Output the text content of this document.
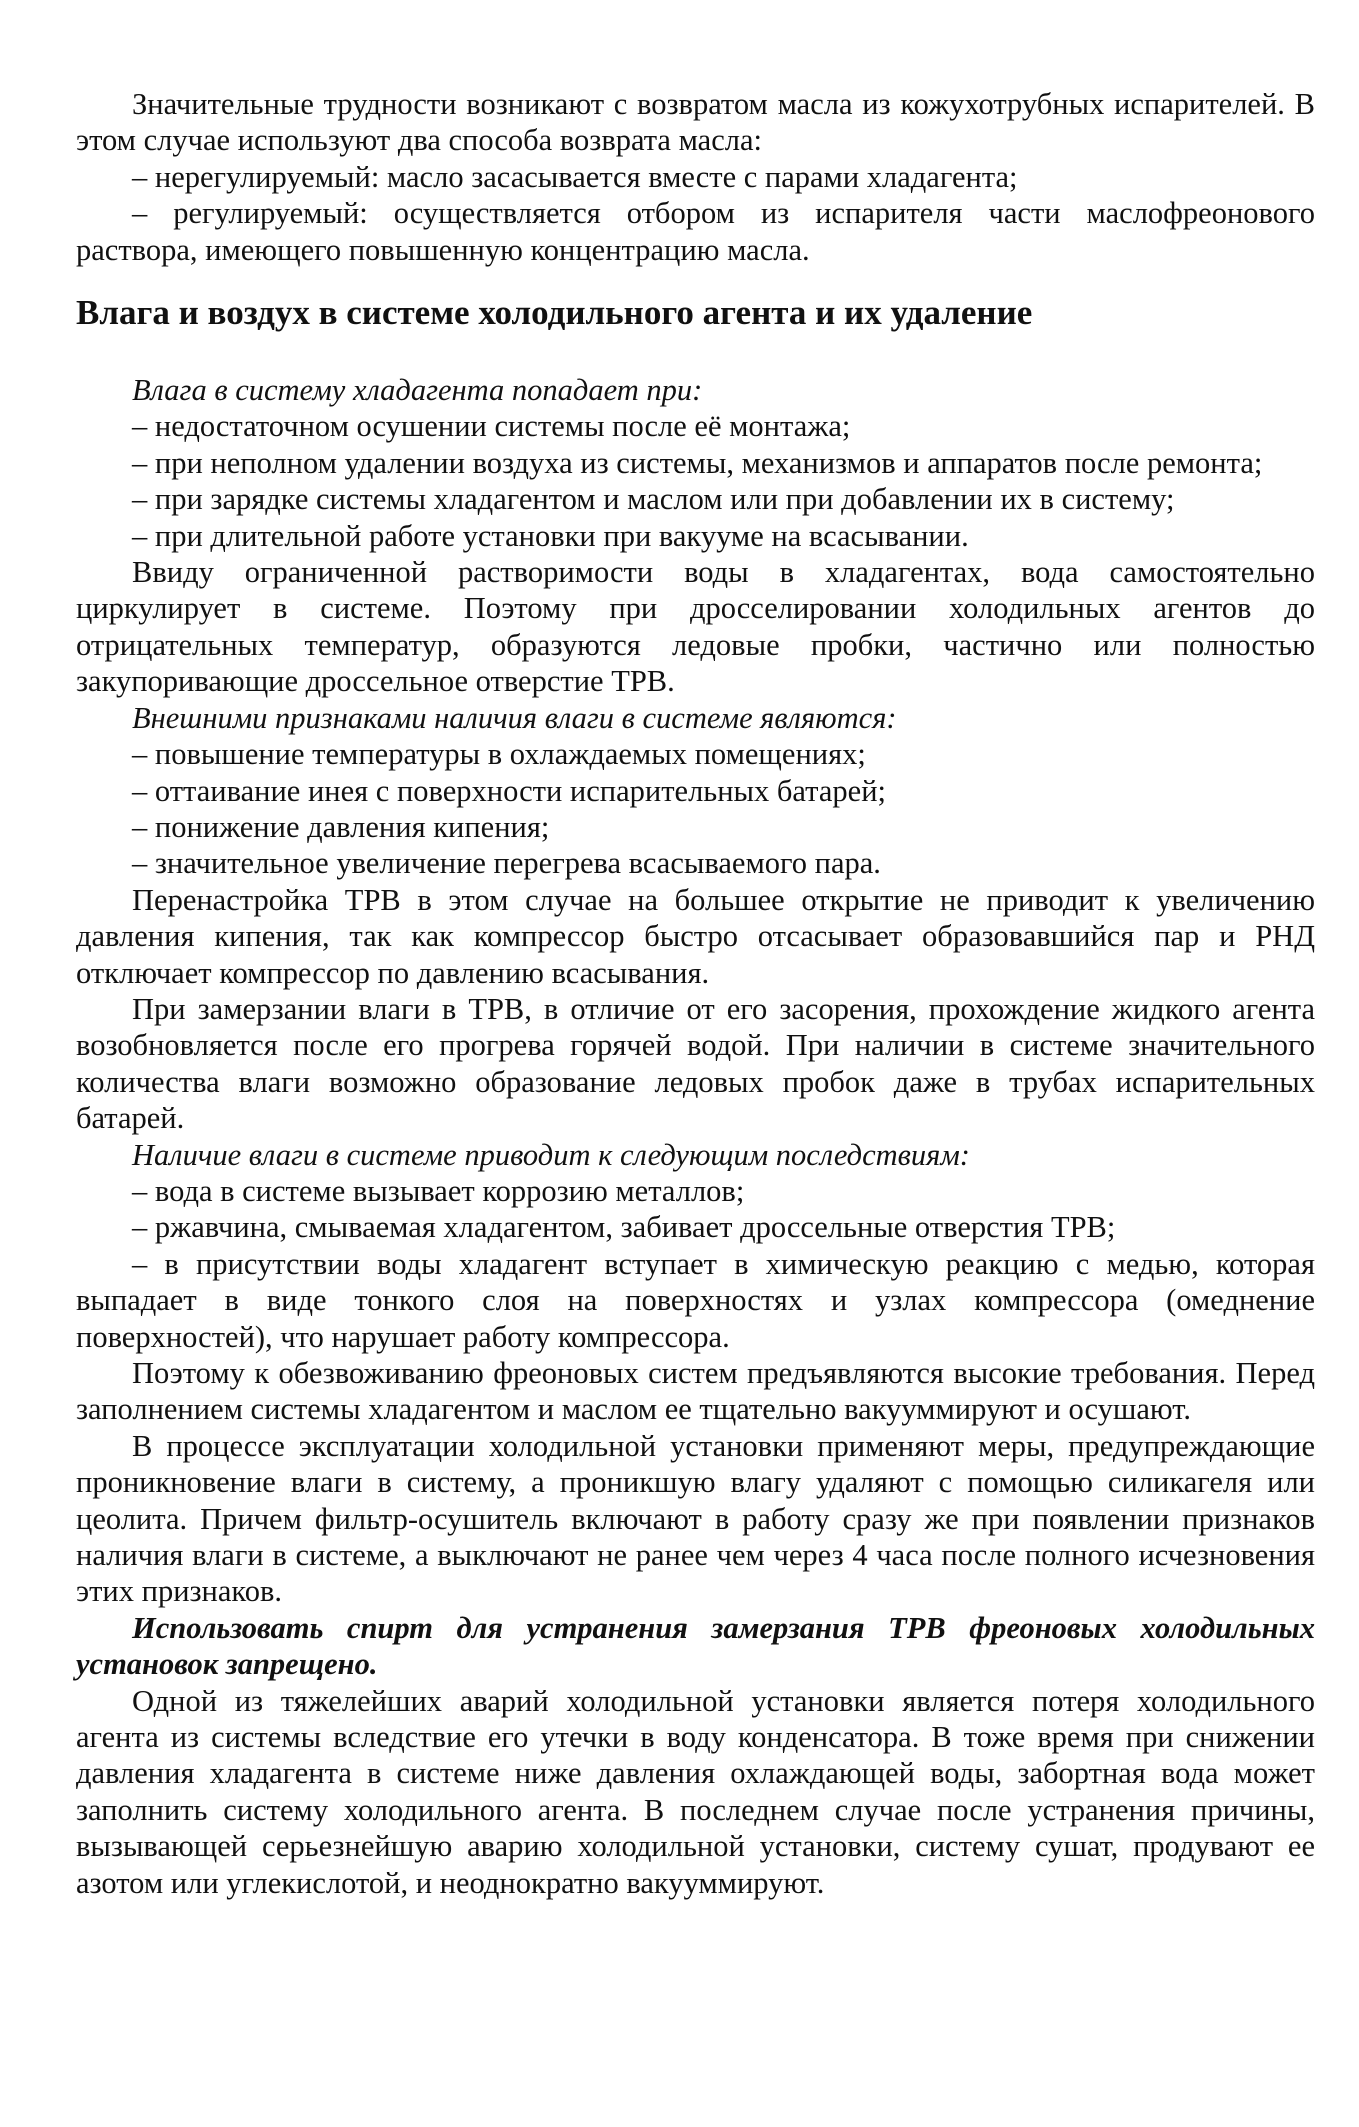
Значительные трудности возникают с возвратом масла из кожухотрубных испарителей. В этом случае используют два способа возврата масла:

– нерегулируемый: масло засасывается вместе с парами хладагента;

– регулируемый: осуществляется отбором из испарителя части маслофреонового раствора, имеющего повышенную концентрацию масла.

Влага и воздух в системе холодильного агента и их удаление

Влага в систему хладагента попадает при:

– недостаточном осушении системы после её монтажа;

– при неполном удалении воздуха из системы, механизмов и аппаратов после ремонта;

– при зарядке системы хладагентом и маслом или при добавлении их в систему;

– при длительной работе установки при вакууме на всасывании.

Ввиду ограниченной растворимости воды в хладагентах, вода самостоятельно циркулирует в системе. Поэтому при дросселировании холодильных агентов до отрицательных температур, образуются ледовые пробки, частично или полностью закупоривающие дроссельное отверстие ТРВ.

Внешними признаками наличия влаги в системе являются:

– повышение температуры в охлаждаемых помещениях;

– оттаивание инея с поверхности испарительных батарей;

– понижение давления кипения;

– значительное увеличение перегрева всасываемого пара.

Перенастройка ТРВ в этом случае на большее открытие не приводит к увеличению давления кипения, так как компрессор быстро отсасывает образовавшийся пар и РНД отключает компрессор по давлению всасывания.

При замерзании влаги в ТРВ, в отличие от его засорения, прохождение жидкого агента возобновляется после его прогрева горячей водой. При наличии в системе значительного количества влаги возможно образование ледовых пробок даже в трубах испарительных батарей.

Наличие влаги в системе приводит к следующим последствиям:

– вода в системе вызывает коррозию металлов;

– ржавчина, смываемая хладагентом, забивает дроссельные отверстия ТРВ;

– в присутствии воды хладагент вступает в химическую реакцию с медью, которая выпадает в виде тонкого слоя на поверхностях и узлах компрессора (омеднение поверхностей), что нарушает работу компрессора.

Поэтому к обезвоживанию фреоновых систем предъявляются высокие требования. Перед заполнением системы хладагентом и маслом ее тщательно вакууммируют и осушают.

В процессе эксплуатации холодильной установки применяют меры, предупреждающие проникновение влаги в систему, а проникшую влагу удаляют с помощью силикагеля или цеолита. Причем фильтр-осушитель включают в работу сразу же при появлении признаков наличия влаги в системе, а выключают не ранее чем через 4 часа после полного исчезновения этих признаков.

Использовать спирт для устранения замерзания ТРВ фреоновых холодильных установок запрещено.

Одной из тяжелейших аварий холодильной установки является потеря холодильного агента из системы вследствие его утечки в воду конденсатора. В тоже время при снижении давления хладагента в системе ниже давления охлаждающей воды, забортная вода может заполнить систему холодильного агента. В последнем случае после устранения причины, вызывающей серьезнейшую аварию холодильной установки, систему сушат, продувают ее азотом или углекислотой, и неоднократно вакууммируют.
